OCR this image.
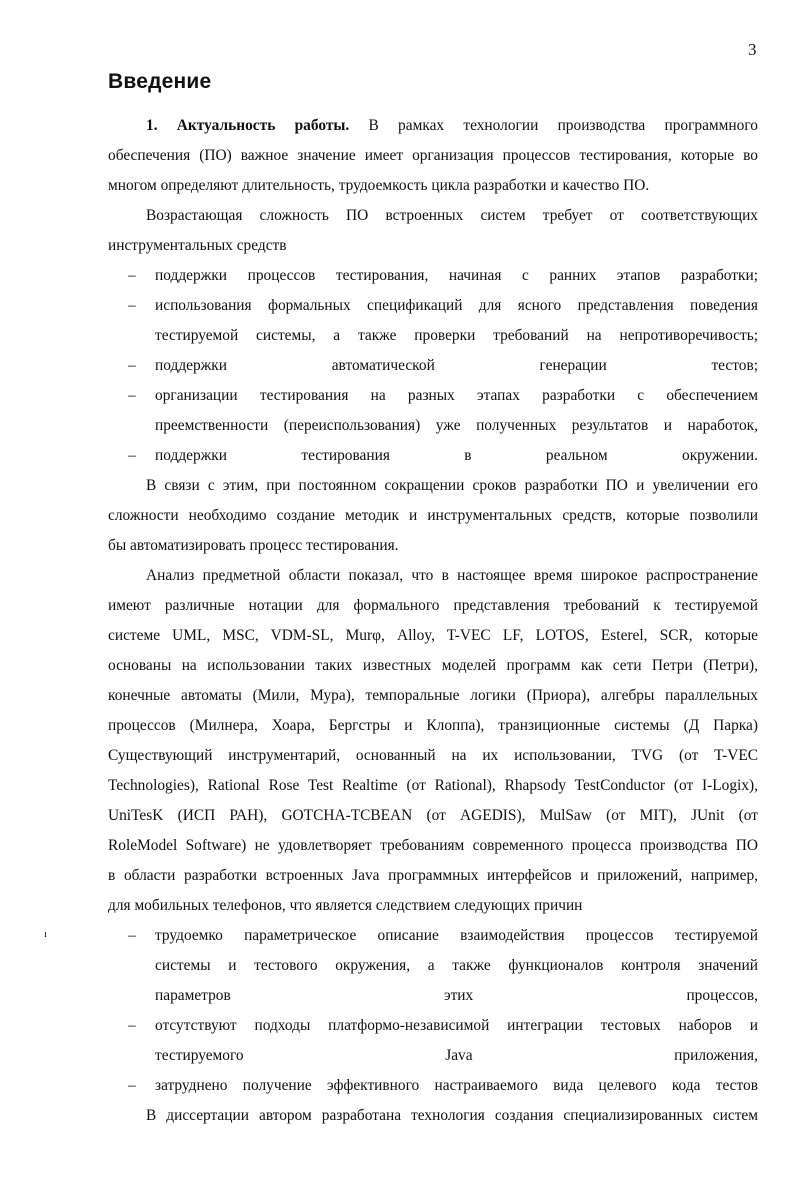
3
Введение
1. Актуальность работы. В рамках технологии производства программного
обеспечения (ПО) важное значение имеет организация процессов тестирования, которые во
многом определяют длительность, трудоемкость цикла разработки и качество ПО.
Возрастающая сложность ПО встроенных систем требует от соответствующих
инструментальных средств
– поддержки процессов тестирования, начиная с ранних этапов разработки;
– использования формальных спецификаций для ясного представления поведения
тестируемой системы, а также проверки требований на непротиворечивость;
– поддержки автоматической генерации тестов;
– организации тестирования на разных этапах разработки с обеспечением
преемственности (переиспользования) уже полученных результатов и наработок,
– поддержки тестирования в реальном окружении.
В связи с этим, при постоянном сокращении сроков разработки ПО и увеличении его
сложности необходимо создание методик и инструментальных средств, которые позволили
бы автоматизировать процесс тестирования.
Анализ предметной области показал, что в настоящее время широкое распространение
имеют различные нотации для формального представления требований к тестируемой
системе UML, MSC, VDM-SL, Murφ, Alloy, T-VEC LF, LOTOS, Esterel, SCR, которые
основаны на использовании таких известных моделей программ как сети Петри (Петри),
конечные автоматы (Мили, Мура), темпоральные логики (Приора), алгебры параллельных
процессов (Милнера, Хоара, Бергстры и Клоппа), транзиционные системы (Д Парка)
Существующий инструментарий, основанный на их использовании, TVG (от T-VEC
Technologies), Rational Rose Test Realtime (от Rational), Rhapsody TestConductor (от I-Logix),
UniTesK (ИСП РАН), GOTCHA-TCBEAN (от AGEDIS), MulSaw (от MIT), JUnit (от
RoleModel Software) не удовлетворяет требованиям современного процесса производства ПО
в области разработки встроенных Java программных интерфейсов и приложений, например,
для мобильных телефонов, что является следствием следующих причин
ı	– трудоемко параметрическое описание взаимодействия процессов тестируемой
системы и тестового окружения, а также функционалов контроля значений
параметров этих процессов,
– отсутствуют подходы платформо-независимой интеграции тестовых наборов и
тестируемого Java приложения,
– затруднено получение эффективного настраиваемого вида целевого кода тестов
В диссертации автором разработана технология создания специализированных систем
